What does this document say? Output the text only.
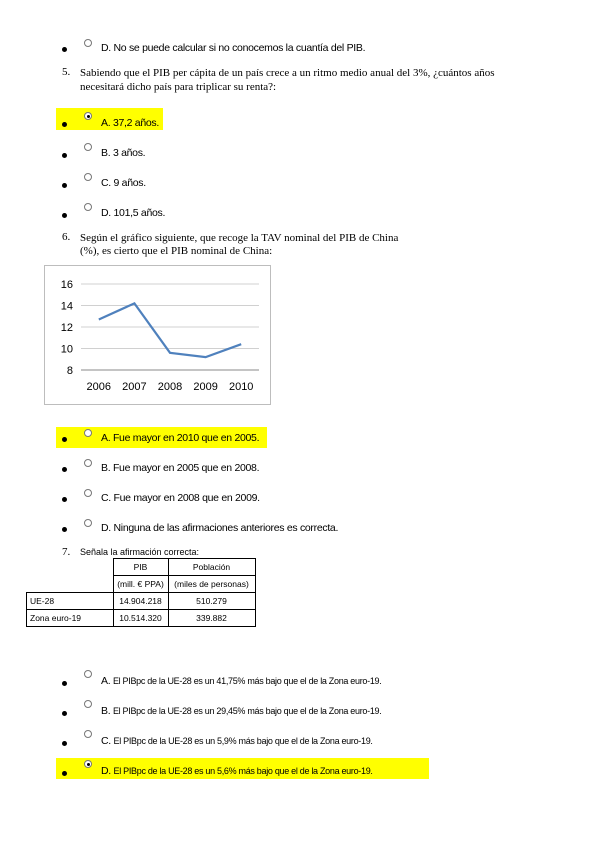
D. No se puede calcular si no conocemos la cuantía del PIB.
5. Sabiendo que el PIB per cápita de un país crece a un ritmo medio anual del 3%, ¿cuántos años
necesitará dicho país para triplicar su renta?:
A. 37,2 años.
B. 3 años.
C. 9 años.
D. 101,5 años.
6. Según el gráfico siguiente, que recoge la TAV nominal del PIB de China
(%), es cierto que el PIB nominal de China:
16
14
12
10
8
2006 2007 2008 2009 2010
A. Fue mayor en 2010 que en 2005.
B. Fue mayor en 2005 que en 2008.
C. Fue mayor en 2008 que en 2009.
D. Ninguna de las afirmaciones anteriores es correcta.
7. Señala la afirmación correcta:
	PIB	Población
	(mill. € PPA)	(miles de personas)
UE-28	14.904.218	510.279
Zona euro-19	10.514.320	339.882
A. El PIBpc de la UE-28 es un 41,75% más bajo que el de la Zona euro-19.
B. El PIBpc de la UE-28 es un 29,45% más bajo que el de la Zona euro-19.
C. El PIBpc de la UE-28 es un 5,9% más bajo que el de la Zona euro-19.
D. El PIBpc de la UE-28 es un 5,6% más bajo que el de la Zona euro-19.
